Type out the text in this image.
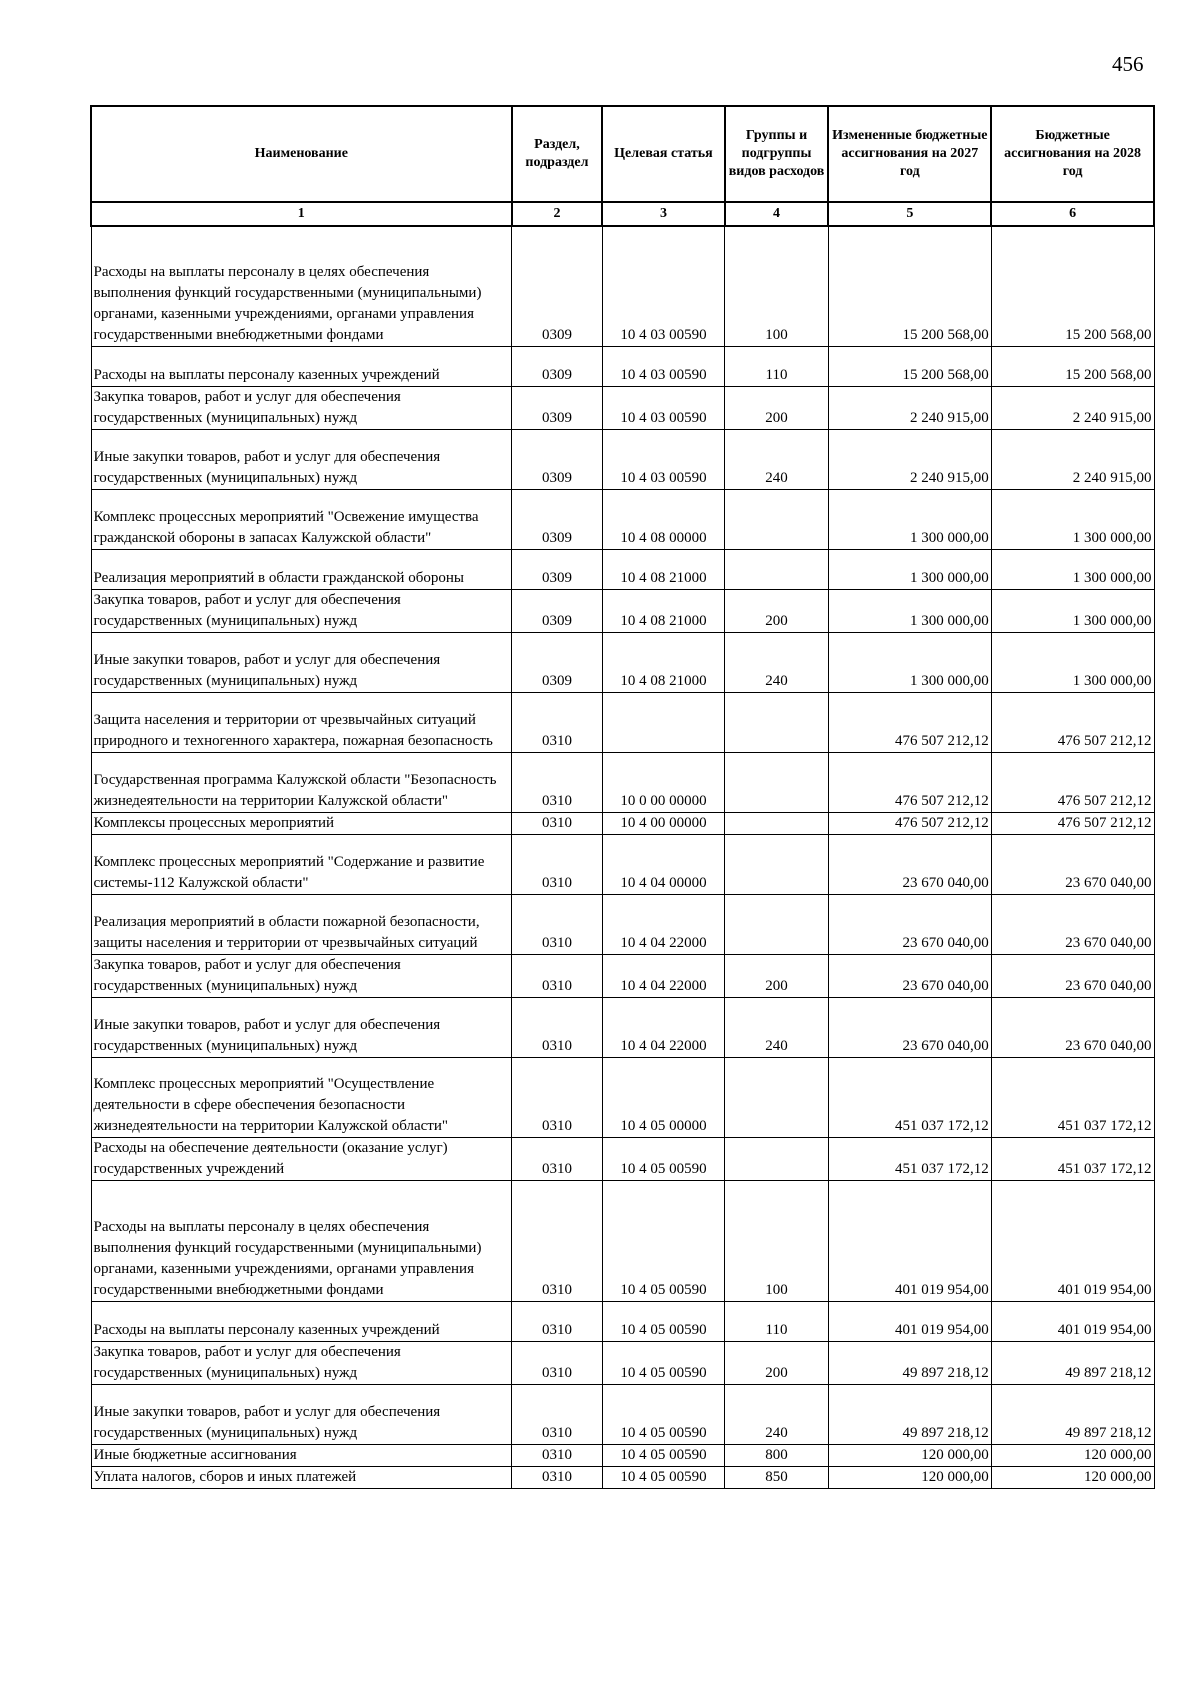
456
Наименование	Раздел, подраздел	Целевая статья	Группы и подгруппы видов расходов	Измененные бюджетные ассигнования на 2027 год	Бюджетные ассигнования на 2028 год
1	2	3	4	5	6
Расходы на выплаты персоналу в целях обеспечения выполнения функций государственными (муниципальными) органами, казенными учреждениями, органами управления государственными внебюджетными фондами	0309	10 4 03 00590	100	15 200 568,00	15 200 568,00
Расходы на выплаты персоналу казенных учреждений	0309	10 4 03 00590	110	15 200 568,00	15 200 568,00
Закупка товаров, работ и услуг для обеспечения государственных (муниципальных) нужд	0309	10 4 03 00590	200	2 240 915,00	2 240 915,00
Иные закупки товаров, работ и услуг для обеспечения государственных (муниципальных) нужд	0309	10 4 03 00590	240	2 240 915,00	2 240 915,00
Комплекс процессных мероприятий "Освежение имущества гражданской обороны в запасах Калужской области"	0309	10 4 08 00000		1 300 000,00	1 300 000,00
Реализация мероприятий в области гражданской обороны	0309	10 4 08 21000		1 300 000,00	1 300 000,00
Закупка товаров, работ и услуг для обеспечения государственных (муниципальных) нужд	0309	10 4 08 21000	200	1 300 000,00	1 300 000,00
Иные закупки товаров, работ и услуг для обеспечения государственных (муниципальных) нужд	0309	10 4 08 21000	240	1 300 000,00	1 300 000,00
Защита населения и территории от чрезвычайных ситуаций природного и техногенного характера, пожарная безопасность	0310			476 507 212,12	476 507 212,12
Государственная программа Калужской области "Безопасность жизнедеятельности на территории Калужской области"	0310	10 0 00 00000		476 507 212,12	476 507 212,12
Комплексы процессных мероприятий	0310	10 4 00 00000		476 507 212,12	476 507 212,12
Комплекс процессных мероприятий "Содержание и развитие системы-112 Калужской области"	0310	10 4 04 00000		23 670 040,00	23 670 040,00
Реализация мероприятий в области пожарной безопасности, защиты населения и территории от чрезвычайных ситуаций	0310	10 4 04 22000		23 670 040,00	23 670 040,00
Закупка товаров, работ и услуг для обеспечения государственных (муниципальных) нужд	0310	10 4 04 22000	200	23 670 040,00	23 670 040,00
Иные закупки товаров, работ и услуг для обеспечения государственных (муниципальных) нужд	0310	10 4 04 22000	240	23 670 040,00	23 670 040,00
Комплекс процессных мероприятий "Осуществление деятельности в сфере обеспечения безопасности жизнедеятельности на территории Калужской области"	0310	10 4 05 00000		451 037 172,12	451 037 172,12
Расходы на обеспечение деятельности (оказание услуг) государственных учреждений	0310	10 4 05 00590		451 037 172,12	451 037 172,12
Расходы на выплаты персоналу в целях обеспечения выполнения функций государственными (муниципальными) органами, казенными учреждениями, органами управления государственными внебюджетными фондами	0310	10 4 05 00590	100	401 019 954,00	401 019 954,00
Расходы на выплаты персоналу казенных учреждений	0310	10 4 05 00590	110	401 019 954,00	401 019 954,00
Закупка товаров, работ и услуг для обеспечения государственных (муниципальных) нужд	0310	10 4 05 00590	200	49 897 218,12	49 897 218,12
Иные закупки товаров, работ и услуг для обеспечения государственных (муниципальных) нужд	0310	10 4 05 00590	240	49 897 218,12	49 897 218,12
Иные бюджетные ассигнования	0310	10 4 05 00590	800	120 000,00	120 000,00
Уплата налогов, сборов и иных платежей	0310	10 4 05 00590	850	120 000,00	120 000,00
